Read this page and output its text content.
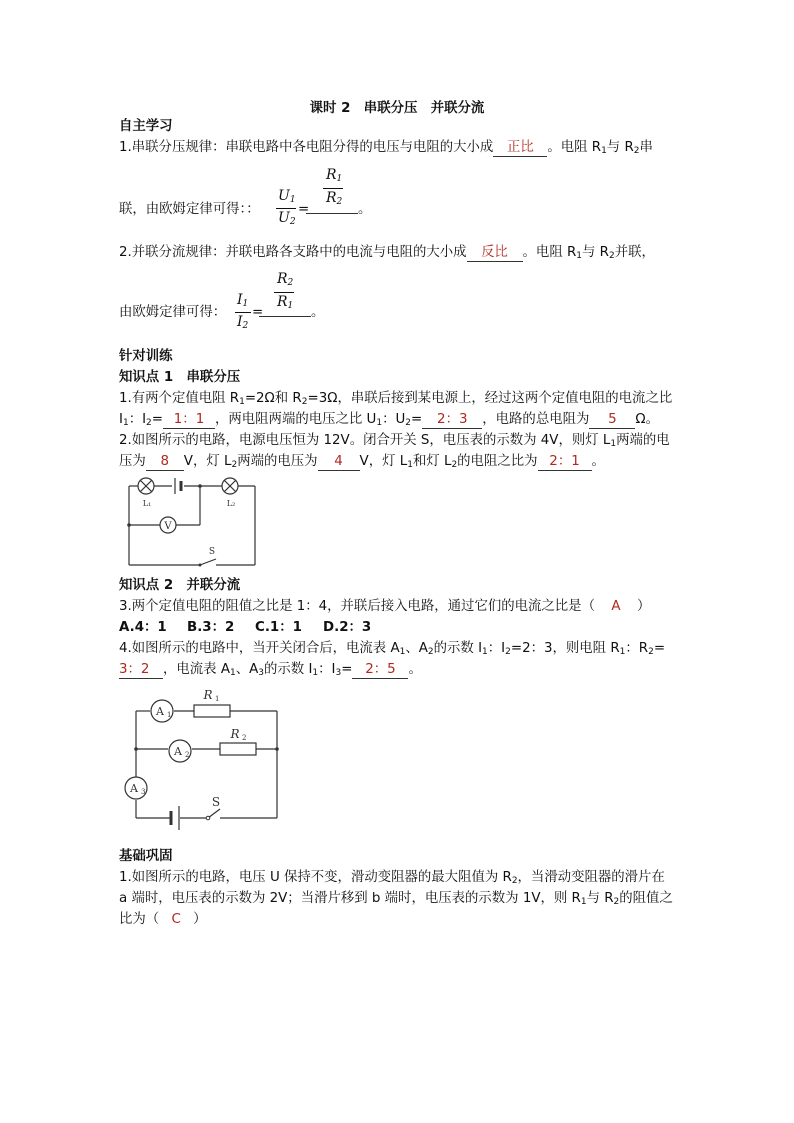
课时 2　串联分压　并联分流
自主学习
1.串联分压规律：串联电路中各电阻分得的电压与电阻的大小成 正比 。电阻 $R_1$与 $R_2$串
联，由欧姆定律可得：：
$U_1$
$U_2$
=
$R_1$
$R_2$ 。
2.并联分流规律：并联电路各支路中的电流与电阻的大小成 反比 。电阻 $R_1$与 $R_2$并联，
由欧姆定律可得：
$I_1$
$I_2$
=
$R_2$
$R_1$ 。
针对训练
知识点 1　串联分压
1.有两个定值电阻 $R_1=2\Omega$和 $R_2=3\Omega$，串联后接到某电源上，经过这两个定值电阻的电流之比
$I_1$：$I_2= 1$：1 ，两电阻两端的电压之比 $U_1$：$U_2= 2$：3 ，电路的总电阻为 5 Ω。
2.如图所示的电路，电源电压恒为 12V。闭合开关 S，电压表的示数为 4V，则灯 $L_1$两端的电
压为 8 V，灯 $L_2$两端的电压为 4 V，灯 $L_1$和灯 $L_2$的电阻之比为 2：1 。
V
L₁	L₂
S
知识点 2　并联分流
3.两个定值电阻的阻值之比是 1：4，并联后接入电路，通过它们的电流之比是（ A ）
A.4：1 B.3：2 C.1：1 D.2：3
4.如图所示的电路中，当开关闭合后，电流表 $A_1$、$A_2$的示数 $I_1$：$I_2=2$：3，则电阻 $R_1$：$R_2=$
3：2 ，电流表 $A_1$、$A_3$的示数 $I_1$：$I_3= 2$：5 。
A 1
R 1
A 2
R 2
A 3
S
基础巩固
1.如图所示的电路，电压 U 保持不变，滑动变阻器的最大阻值为 $R_2$，当滑动变阻器的滑片在
a 端时，电压表的示数为 2V；当滑片移到 b 端时，电压表的示数为 1V，则 $R_1$与 $R_2$的阻值之
比为（ C ）
